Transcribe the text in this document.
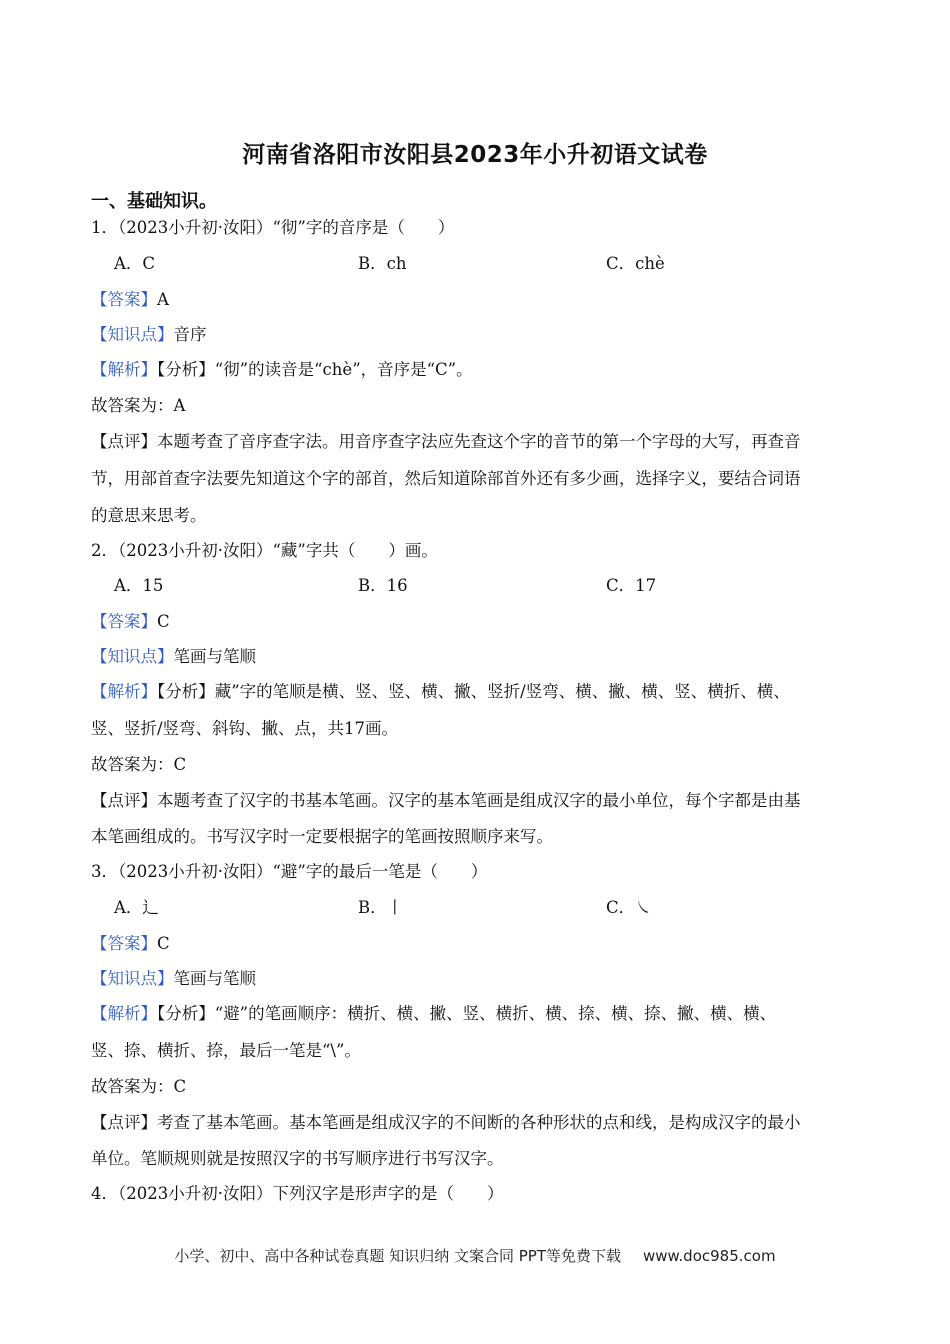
河南省洛阳市汝阳县2023年小升初语文试卷
一、基础知识。
1．（2023小升初·汝阳）“彻”字的音序是（　　）
A．C	B．ch	C．chè
【答案】A
【知识点】音序
【解析】【分析】“彻”的读音是“chè”，音序是“C”。
故答案为：A
【点评】本题考查了音序查字法。用音序查字法应先查这个字的音节的第一个字母的大写，再查音
节，用部首查字法要先知道这个字的部首，然后知道除部首外还有多少画，选择字义，要结合词语
的意思来思考。
2．（2023小升初·汝阳）“藏”字共（　　）画。
A．15	B．16	C．17
【答案】C
【知识点】笔画与笔顺
【解析】【分析】藏”字的笔顺是横、竖、竖、横、撇、竖折/竖弯、横、撇、横、竖、横折、横、
竖、竖折/竖弯、斜钩、撇、点，共17画。
故答案为：C
【点评】本题考查了汉字的书基本笔画。汉字的基本笔画是组成汉字的最小单位，每个字都是由基
本笔画组成的。书写汉字时一定要根据字的笔画按照顺序来写。
3．（2023小升初·汝阳）“避”字的最后一笔是（　　）
A．辶	B．丨	C．㇏
【答案】C
【知识点】笔画与笔顺
【解析】【分析】“避”的笔画顺序：横折、横、撇、竖、横折、横、捺、横、捺、撇、横、横、
竖、捺、横折、捺，最后一笔是“\”。
故答案为：C
【点评】考查了基本笔画。基本笔画是组成汉字的不间断的各种形状的点和线，是构成汉字的最小
单位。笔顺规则就是按照汉字的书写顺序进行书写汉字。
4．（2023小升初·汝阳）下列汉字是形声字的是（　　）
小学、初中、高中各种试卷真题 知识归纳 文案合同 PPT等免费下载 www.doc985.com
